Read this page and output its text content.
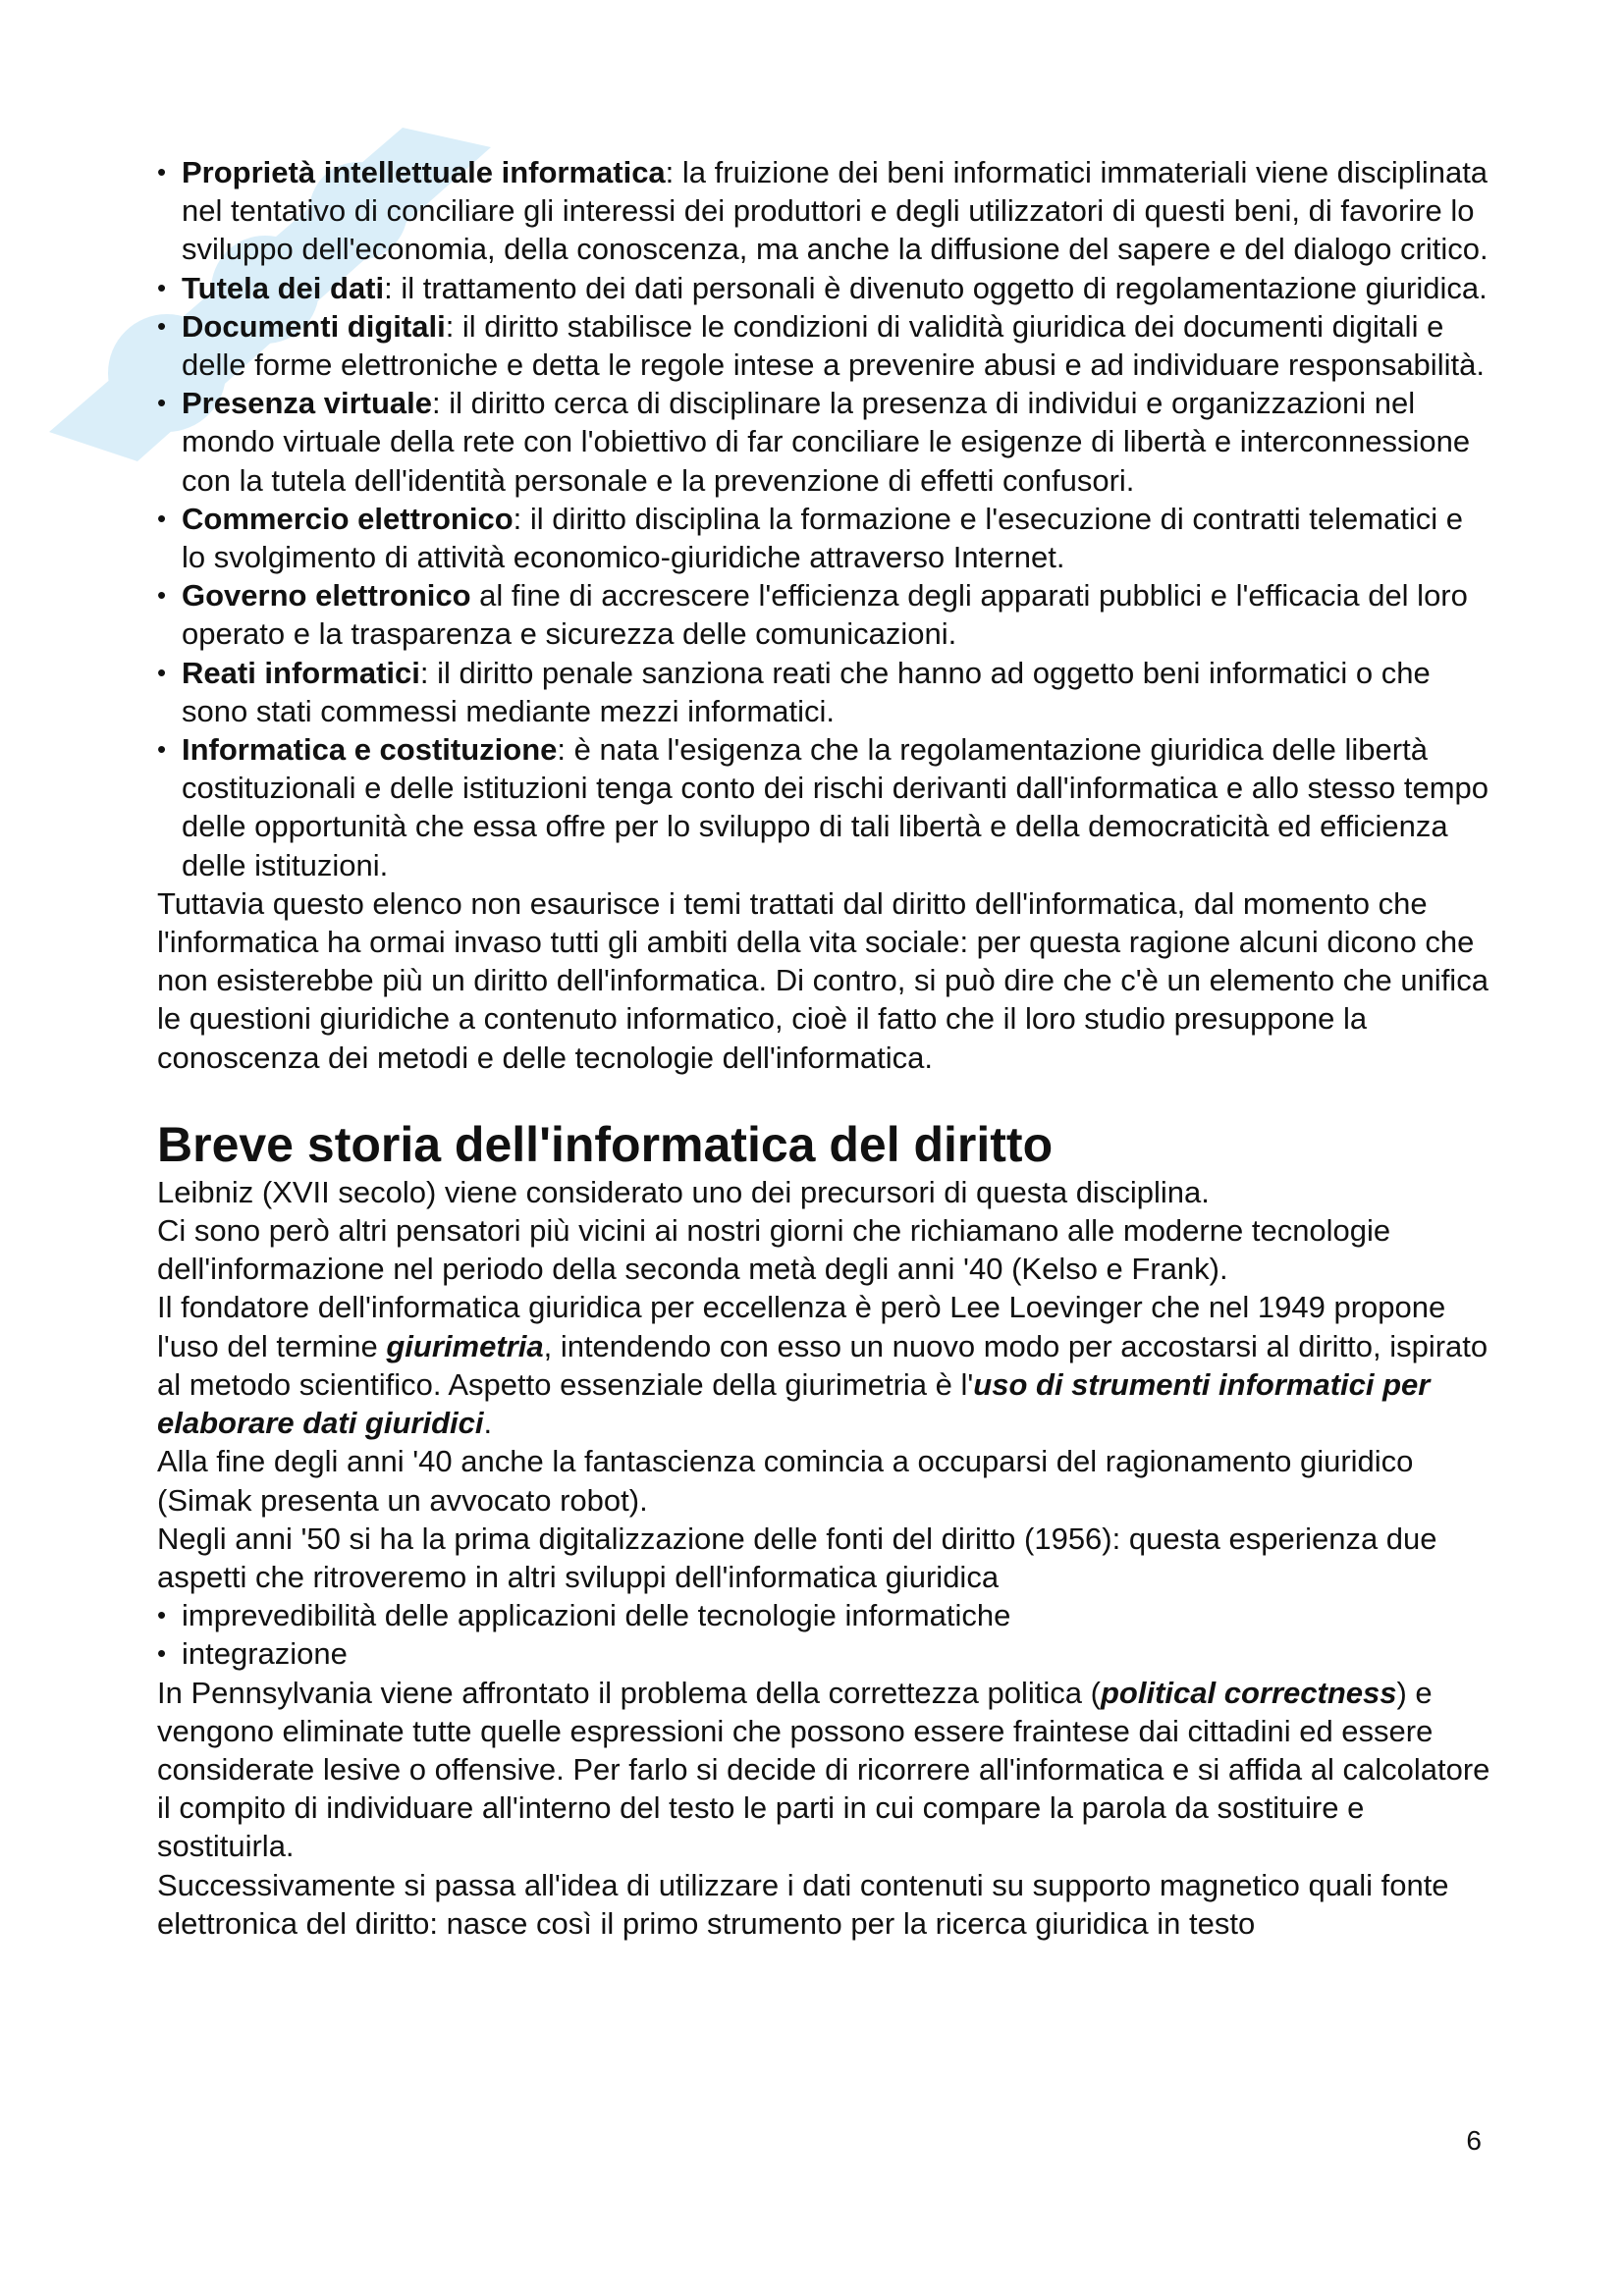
• Proprietà intellettuale informatica: la fruizione dei beni informatici immateriali viene disciplinata nel tentativo di conciliare gli interessi dei produttori e degli utilizzatori di questi beni, di favorire lo sviluppo dell'economia, della conoscenza, ma anche la diffusione del sapere e del dialogo critico.
• Tutela dei dati: il trattamento dei dati personali è divenuto oggetto di regolamentazione giuridica.
• Documenti digitali: il diritto stabilisce le condizioni di validità giuridica dei documenti digitali e delle forme elettroniche e detta le regole intese a prevenire abusi e ad individuare responsabilità.
• Presenza virtuale: il diritto cerca di disciplinare la presenza di individui e organizzazioni nel mondo virtuale della rete con l'obiettivo di far conciliare le esigenze di libertà e interconnessione con la tutela dell'identità personale e la prevenzione di effetti confusori.
• Commercio elettronico: il diritto disciplina la formazione e l'esecuzione di contratti telematici e lo svolgimento di attività economico-giuridiche attraverso Internet.
• Governo elettronico al fine di accrescere l'efficienza degli apparati pubblici e l'efficacia del loro operato e la trasparenza e sicurezza delle comunicazioni.
• Reati informatici: il diritto penale sanziona reati che hanno ad oggetto beni informatici o che sono stati commessi mediante mezzi informatici.
• Informatica e costituzione: è nata l'esigenza che la regolamentazione giuridica delle libertà costituzionali e delle istituzioni tenga conto dei rischi derivanti dall'informatica e allo stesso tempo delle opportunità che essa offre per lo sviluppo di tali libertà e della democraticità ed efficienza delle istituzioni.

Tuttavia questo elenco non esaurisce i temi trattati dal diritto dell'informatica, dal momento che l'informatica ha ormai invaso tutti gli ambiti della vita sociale: per questa ragione alcuni dicono che non esisterebbe più un diritto dell'informatica. Di contro, si può dire che c'è un elemento che unifica le questioni giuridiche a contenuto informatico, cioè il fatto che il loro studio presuppone la conoscenza dei metodi e delle tecnologie dell'informatica.

Breve storia dell'informatica del diritto

Leibniz (XVII secolo) viene considerato uno dei precursori di questa disciplina.

Ci sono però altri pensatori più vicini ai nostri giorni che richiamano alle moderne tecnologie dell'informazione nel periodo della seconda metà degli anni '40 (Kelso e Frank).

Il fondatore dell'informatica giuridica per eccellenza è però Lee Loevinger che nel 1949 propone l'uso del termine giurimetria, intendendo con esso un nuovo modo per accostarsi al diritto, ispirato al metodo scientifico. Aspetto essenziale della giurimetria è l'uso di strumenti informatici per elaborare dati giuridici.

Alla fine degli anni '40 anche la fantascienza comincia a occuparsi del ragionamento giuridico (Simak presenta un avvocato robot).

Negli anni '50 si ha la prima digitalizzazione delle fonti del diritto (1956): questa esperienza due aspetti che ritroveremo in altri sviluppi dell'informatica giuridica

• imprevedibilità delle applicazioni delle tecnologie informatiche
• integrazione

In Pennsylvania viene affrontato il problema della correttezza politica (political correctness) e vengono eliminate tutte quelle espressioni che possono essere fraintese dai cittadini ed essere considerate lesive o offensive. Per farlo si decide di ricorrere all'informatica e si affida al calcolatore il compito di individuare all'interno del testo le parti in cui compare la parola da sostituire e sostituirla.

Successivamente si passa all'idea di utilizzare i dati contenuti su supporto magnetico quali fonte elettronica del diritto: nasce così il primo strumento per la ricerca giuridica in testo

6
